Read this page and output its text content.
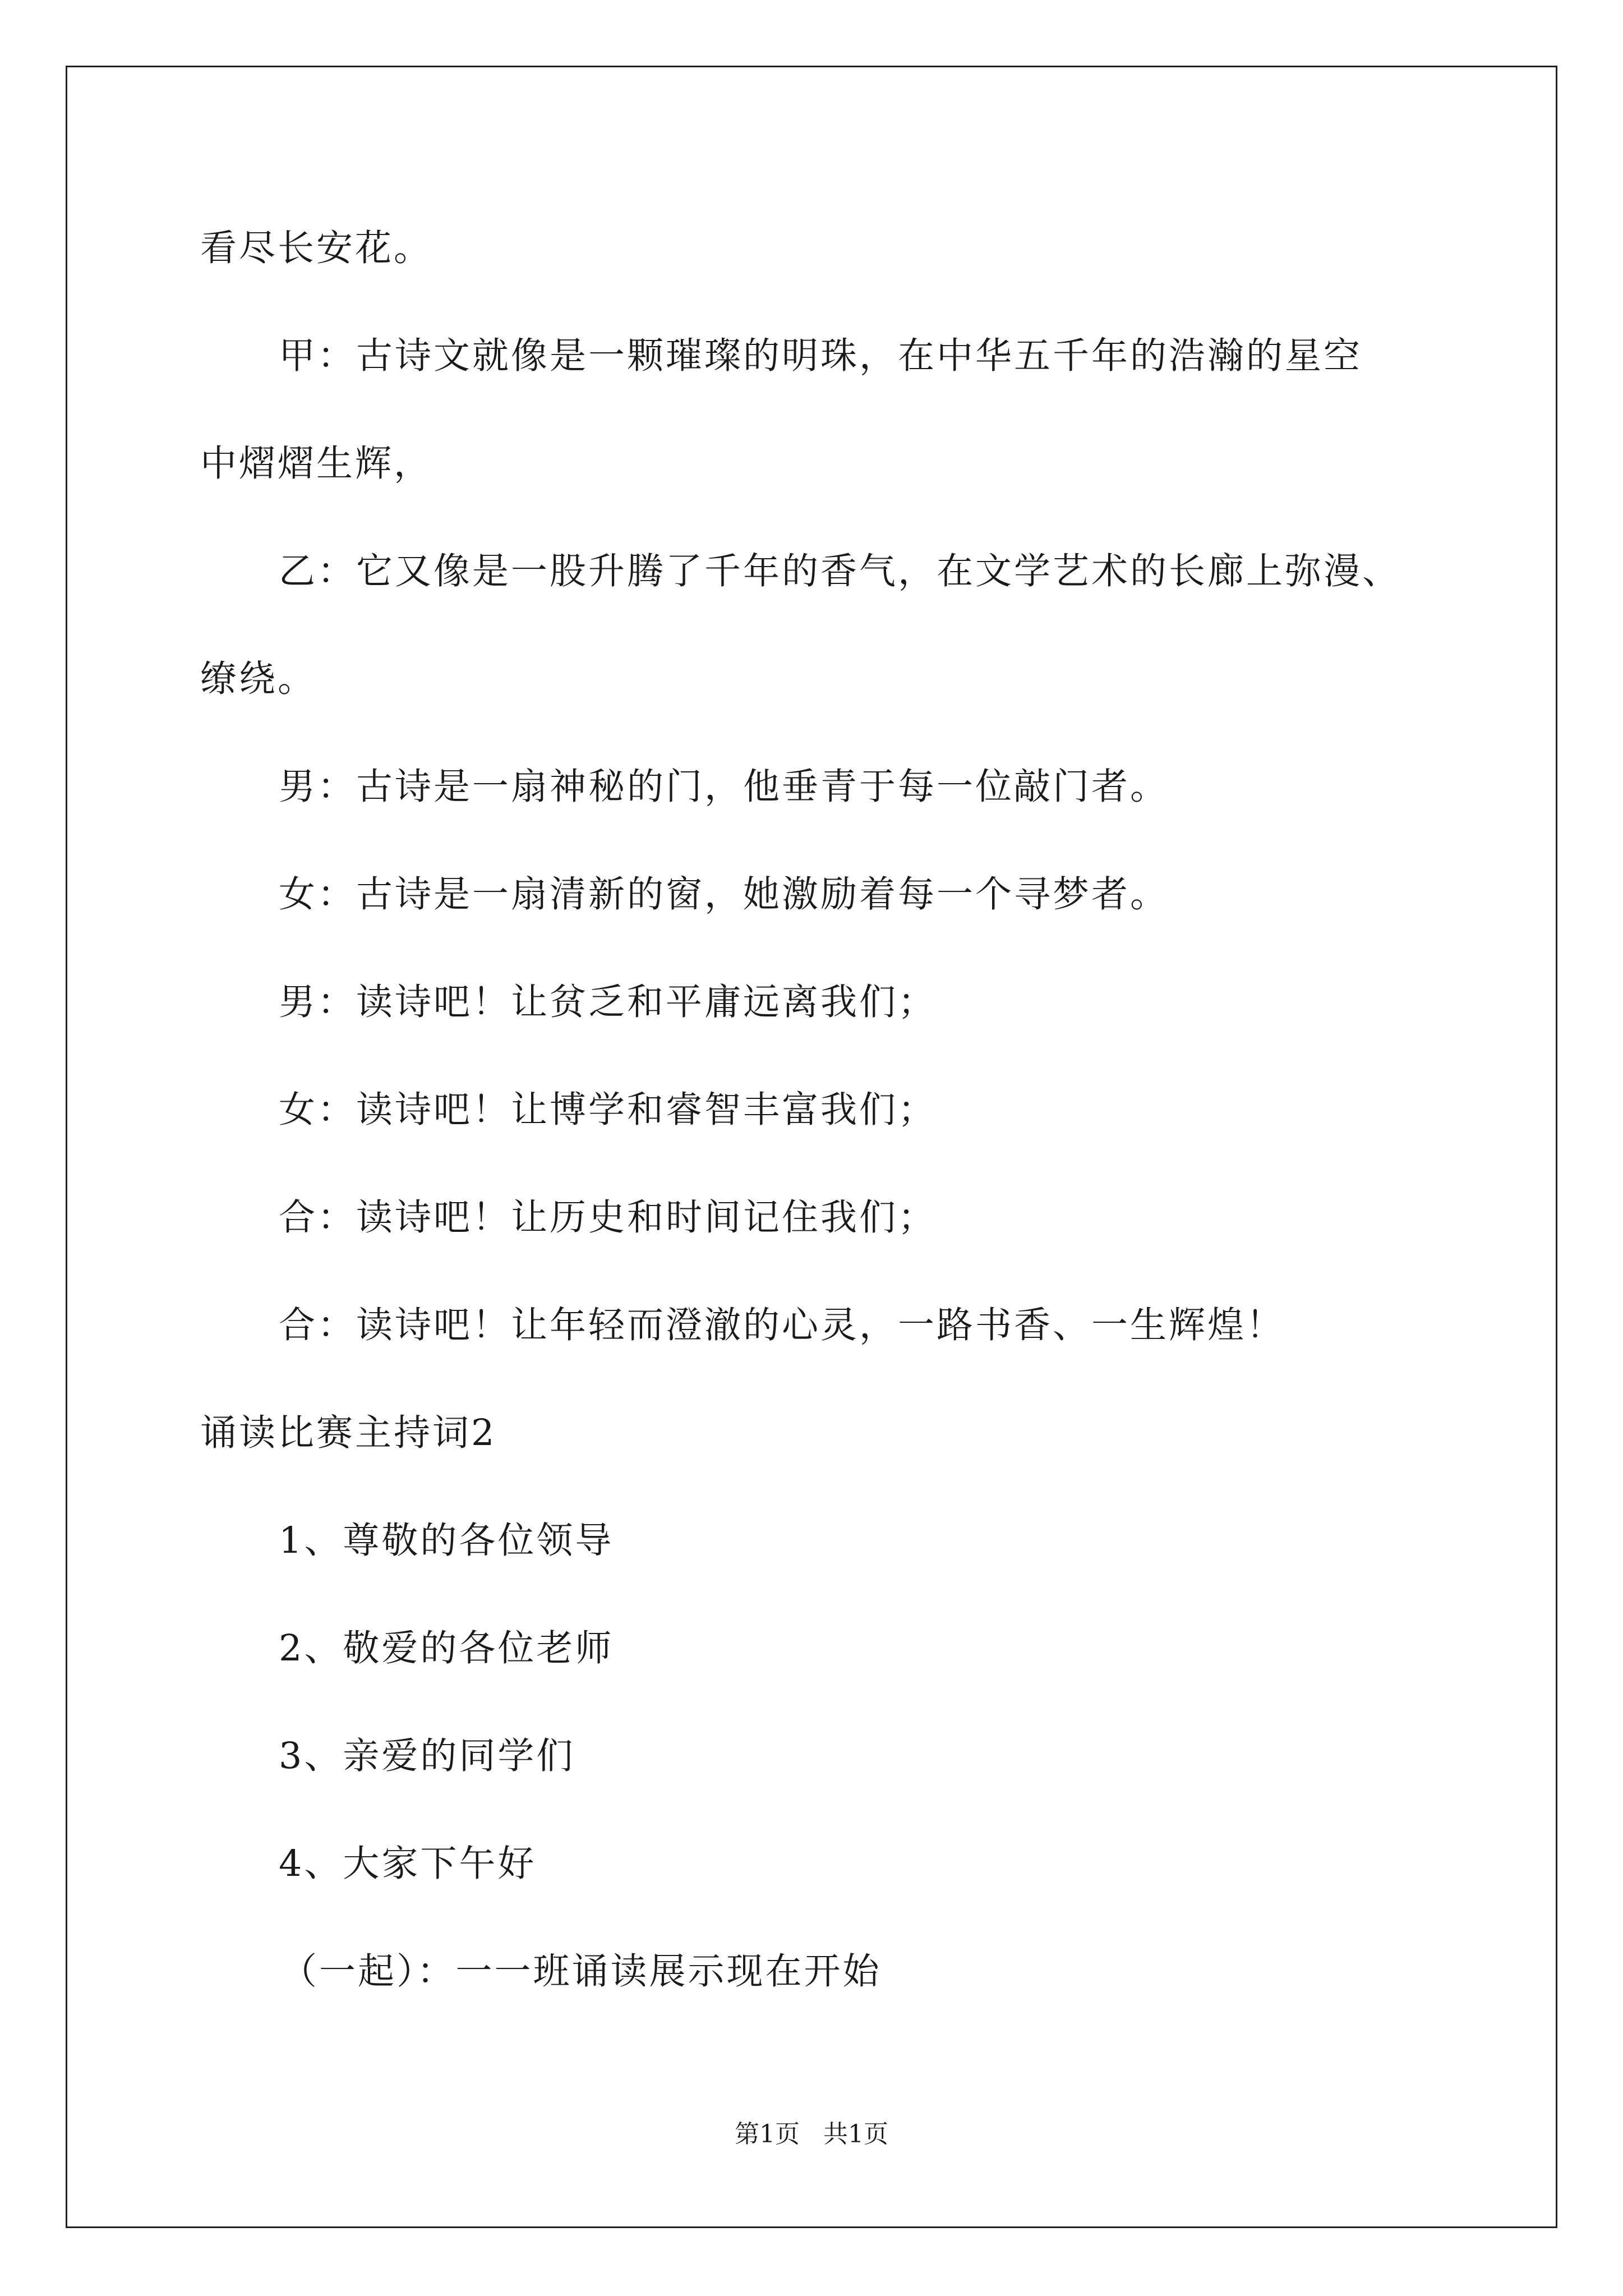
看尽长安花。
甲：古诗文就像是一颗璀璨的明珠，在中华五千年的浩瀚的星空
中熠熠生辉，
乙：它又像是一股升腾了千年的香气，在文学艺术的长廊上弥漫、
缭绕。
男：古诗是一扇神秘的门，他垂青于每一位敲门者。
女：古诗是一扇清新的窗，她激励着每一个寻梦者。
男：读诗吧！让贫乏和平庸远离我们；
女：读诗吧！让博学和睿智丰富我们；
合：读诗吧！让历史和时间记住我们；
合：读诗吧！让年轻而澄澈的心灵，一路书香、一生辉煌！
诵读比赛主持词2
1、尊敬的各位领导
2、敬爱的各位老师
3、亲爱的同学们
4、大家下午好
（一起）：一一班诵读展示现在开始
第1页   共1页
